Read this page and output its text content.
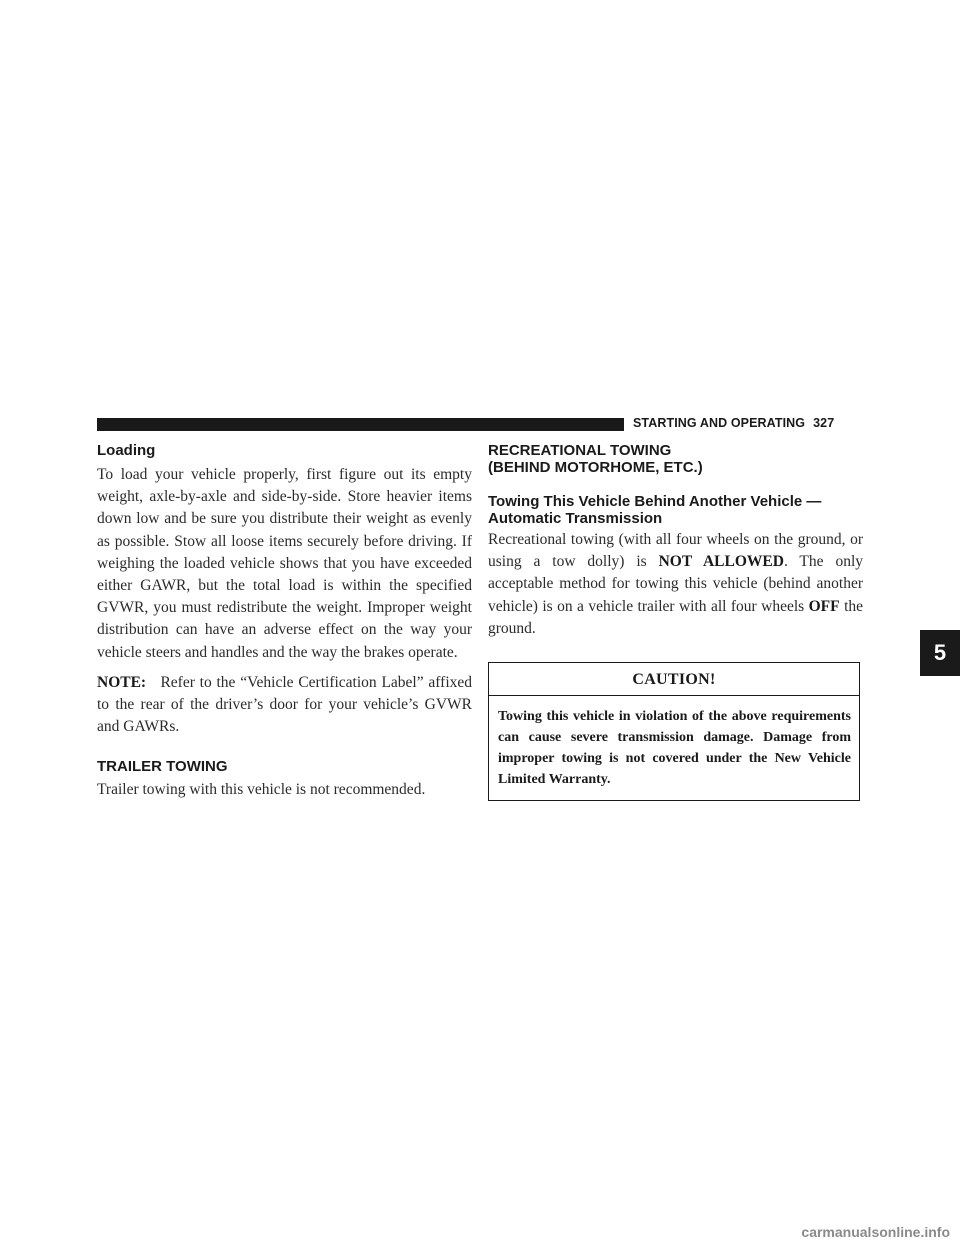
STARTING AND OPERATING 327
Loading

To load your vehicle properly, first figure out its empty weight, axle-by-axle and side-by-side. Store heavier items down low and be sure you distribute their weight as evenly as possible. Stow all loose items securely before driving. If weighing the loaded vehicle shows that you have exceeded either GAWR, but the total load is within the specified GVWR, you must redistribute the weight. Improper weight distribution can have an adverse effect on the way your vehicle steers and handles and the way the brakes operate.

NOTE: Refer to the “Vehicle Certification Label” affixed to the rear of the driver’s door for your vehicle’s GVWR and GAWRs.

TRAILER TOWING

Trailer towing with this vehicle is not recommended.

RECREATIONAL TOWING
(BEHIND MOTORHOME, ETC.)
Towing This Vehicle Behind Another Vehicle —
Automatic Transmission

Recreational towing (with all four wheels on the ground, or using a tow dolly) is NOT ALLOWED. The only acceptable method for towing this vehicle (behind another vehicle) is on a vehicle trailer with all four wheels OFF the ground.

CAUTION!
Towing this vehicle in violation of the above requirements can cause severe transmission damage. Damage from improper towing is not covered under the New Vehicle Limited Warranty.
5
carmanualsonline.info
